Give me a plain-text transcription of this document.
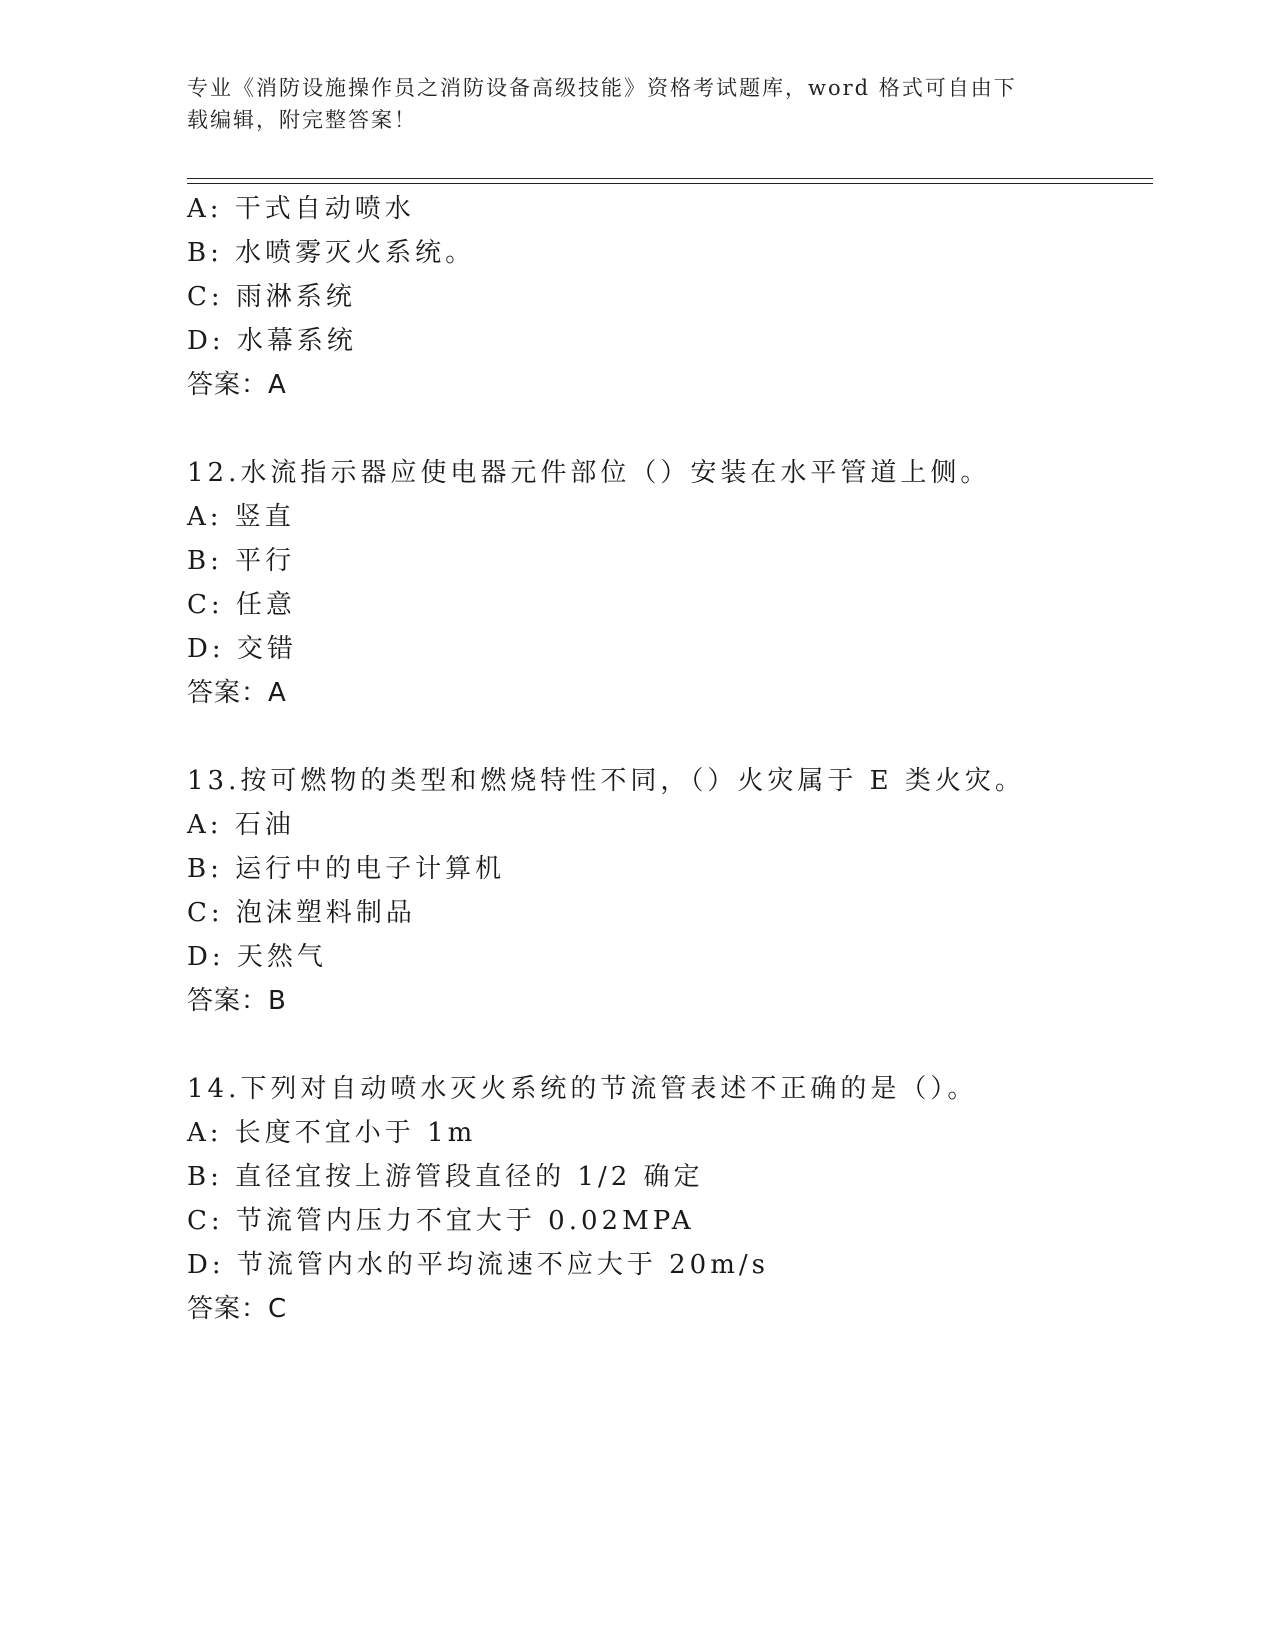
专业《消防设施操作员之消防设备高级技能》资格考试题库，word 格式可自由下
载编辑，附完整答案！
A: 干式自动喷水
B: 水喷雾灭火系统。
C: 雨淋系统
D: 水幕系统
答案：A
12.水流指示器应使电器元件部位（）安装在水平管道上侧。
A: 竖直
B: 平行
C: 任意
D: 交错
答案：A
13.按可燃物的类型和燃烧特性不同，（）火灾属于 E 类火灾。
A: 石油
B: 运行中的电子计算机
C: 泡沫塑料制品
D: 天然气
答案：B
14.下列对自动喷水灭火系统的节流管表述不正确的是（）。
A: 长度不宜小于 1m
B: 直径宜按上游管段直径的 1/2 确定
C: 节流管内压力不宜大于 0.02MPA
D: 节流管内水的平均流速不应大于 20m/s
答案：C
